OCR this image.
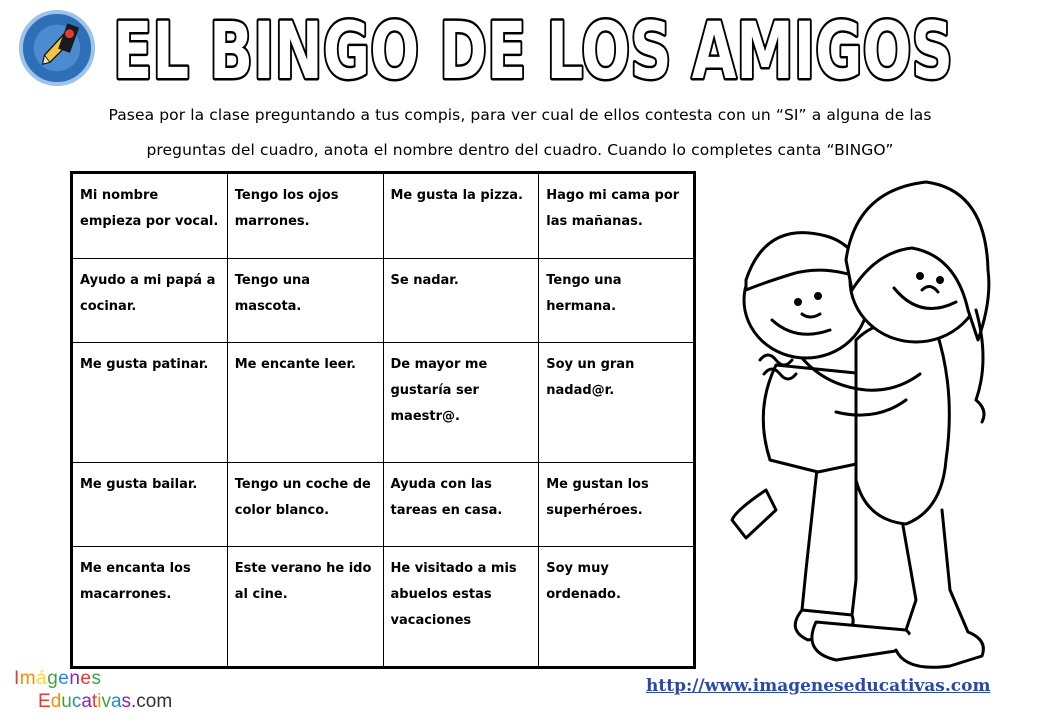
EL BINGO DE LOS AMIGOS
Pasea por la clase preguntando a tus compis, para ver cual de ellos contesta con un “SI” a alguna de las
preguntas del cuadro, anota el nombre dentro del cuadro. Cuando lo completes canta “BINGO”
Mi nombre empieza por vocal.	Tengo los ojos marrones.	Me gusta la pizza.	Hago mi cama por las mañanas.
Ayudo a mi papá a cocinar.	Tengo una mascota.	Se nadar.	Tengo una hermana.
Me gusta patinar.	Me encante leer.	De mayor me gustaría ser maestr@.	Soy un gran nadad@r.
Me gusta bailar.	Tengo un coche de color blanco.	Ayuda con las tareas en casa.	Me gustan los superhéroes.
Me encanta los macarrones.	Este verano he ido al cine.	He visitado a mis abuelos estas vacaciones	Soy muy ordenado.
Imágenes
Educativas.com
http://www.imageneseducativas.com
